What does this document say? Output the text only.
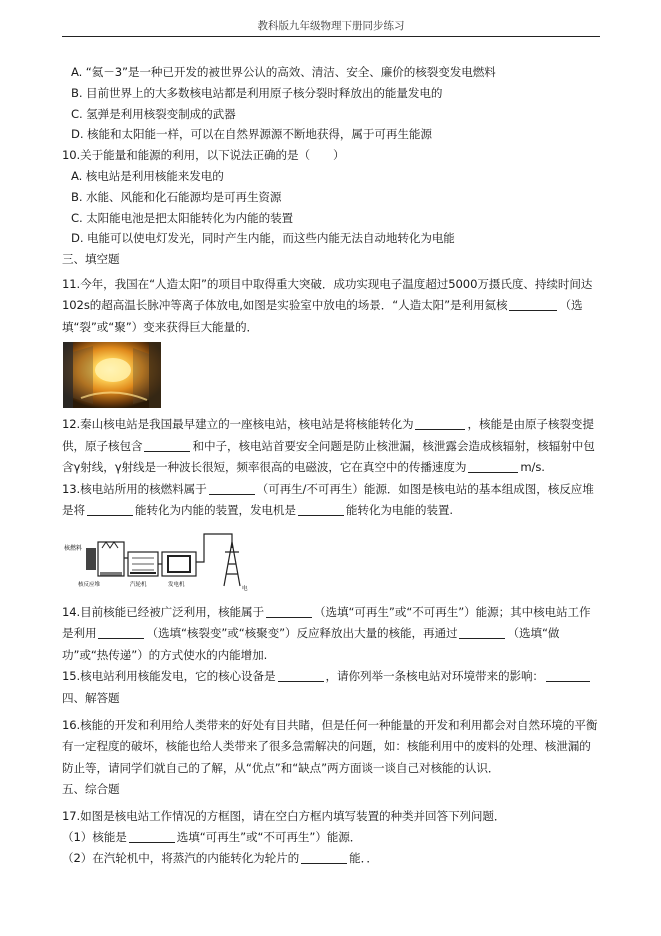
教科版九年级物理下册同步练习
A. “氦－3”是一种已开发的被世界公认的高效、清洁、安全、廉价的核裂变发电燃料
B. 目前世界上的大多数核电站都是利用原子核分裂时释放出的能量发电的
C. 氢弹是利用核裂变制成的武器
D. 核能和太阳能一样，可以在自然界源源不断地获得，属于可再生能源
10.关于能量和能源的利用，以下说法正确的是（　　）
A. 核电站是利用核能来发电的
B. 水能、风能和化石能源均是可再生资源
C. 太阳能电池是把太阳能转化为内能的装置
D. 电能可以使电灯发光，同时产生内能，而这些内能无法自动地转化为电能
三、填空题
11.今年，我国在“人造太阳”的项目中取得重大突破．成功实现电子温度超过5000万摄氏度、持续时间达102s的超高温长脉冲等离子体放电,如图是实验室中放电的场景．“人造太阳”是利用氦核	（选填“裂”或“聚”）变来获得巨大能量的．
12.秦山核电站是我国最早建立的一座核电站，核电站是将核能转化为	，核能是由原子核裂变提供，原子核包含	和中子，核电站首要安全问题是防止核泄漏，核泄露会造成核辐射，核辐射中包含γ射线，γ射线是一种波长很短，频率很高的电磁波，它在真空中的传播速度为	m/s.
13.核电站所用的核燃料属于	（可再生/不可再生）能源．如图是核电站的基本组成图，核反应堆是将	能转化为内能的装置，发电机是	能转化为电能的装置.
核燃料
核反应堆	汽轮机	发电机
电
14.目前核能已经被广泛利用，核能属于	（选填“可再生”或“不可再生”）能源；其中核电站工作是利用	（选填“核裂变”或“核聚变”）反应释放出大量的核能，再通过	（选填“做功”或“热传递”）的方式使水的内能增加.
15.核电站利用核能发电，它的核心设备是	，请你列举一条核电站对环境带来的影响：
四、解答题
16.核能的开发和利用给人类带来的好处有目共睹，但是任何一种能量的开发和利用都会对自然环境的平衡有一定程度的破坏，核能也给人类带来了很多急需解决的问题，如：核能利用中的废料的处理、核泄漏的防止等，请同学们就自己的了解，从“优点”和“缺点”两方面谈一谈自己对核能的认识．
五、综合题
17.如图是核电站工作情况的方框图，请在空白方框内填写装置的种类并回答下列问题．
（1）核能是	选填“可再生”或“不可再生”）能源．
（2）在汽轮机中，将蒸汽的内能转化为轮片的	能．．
